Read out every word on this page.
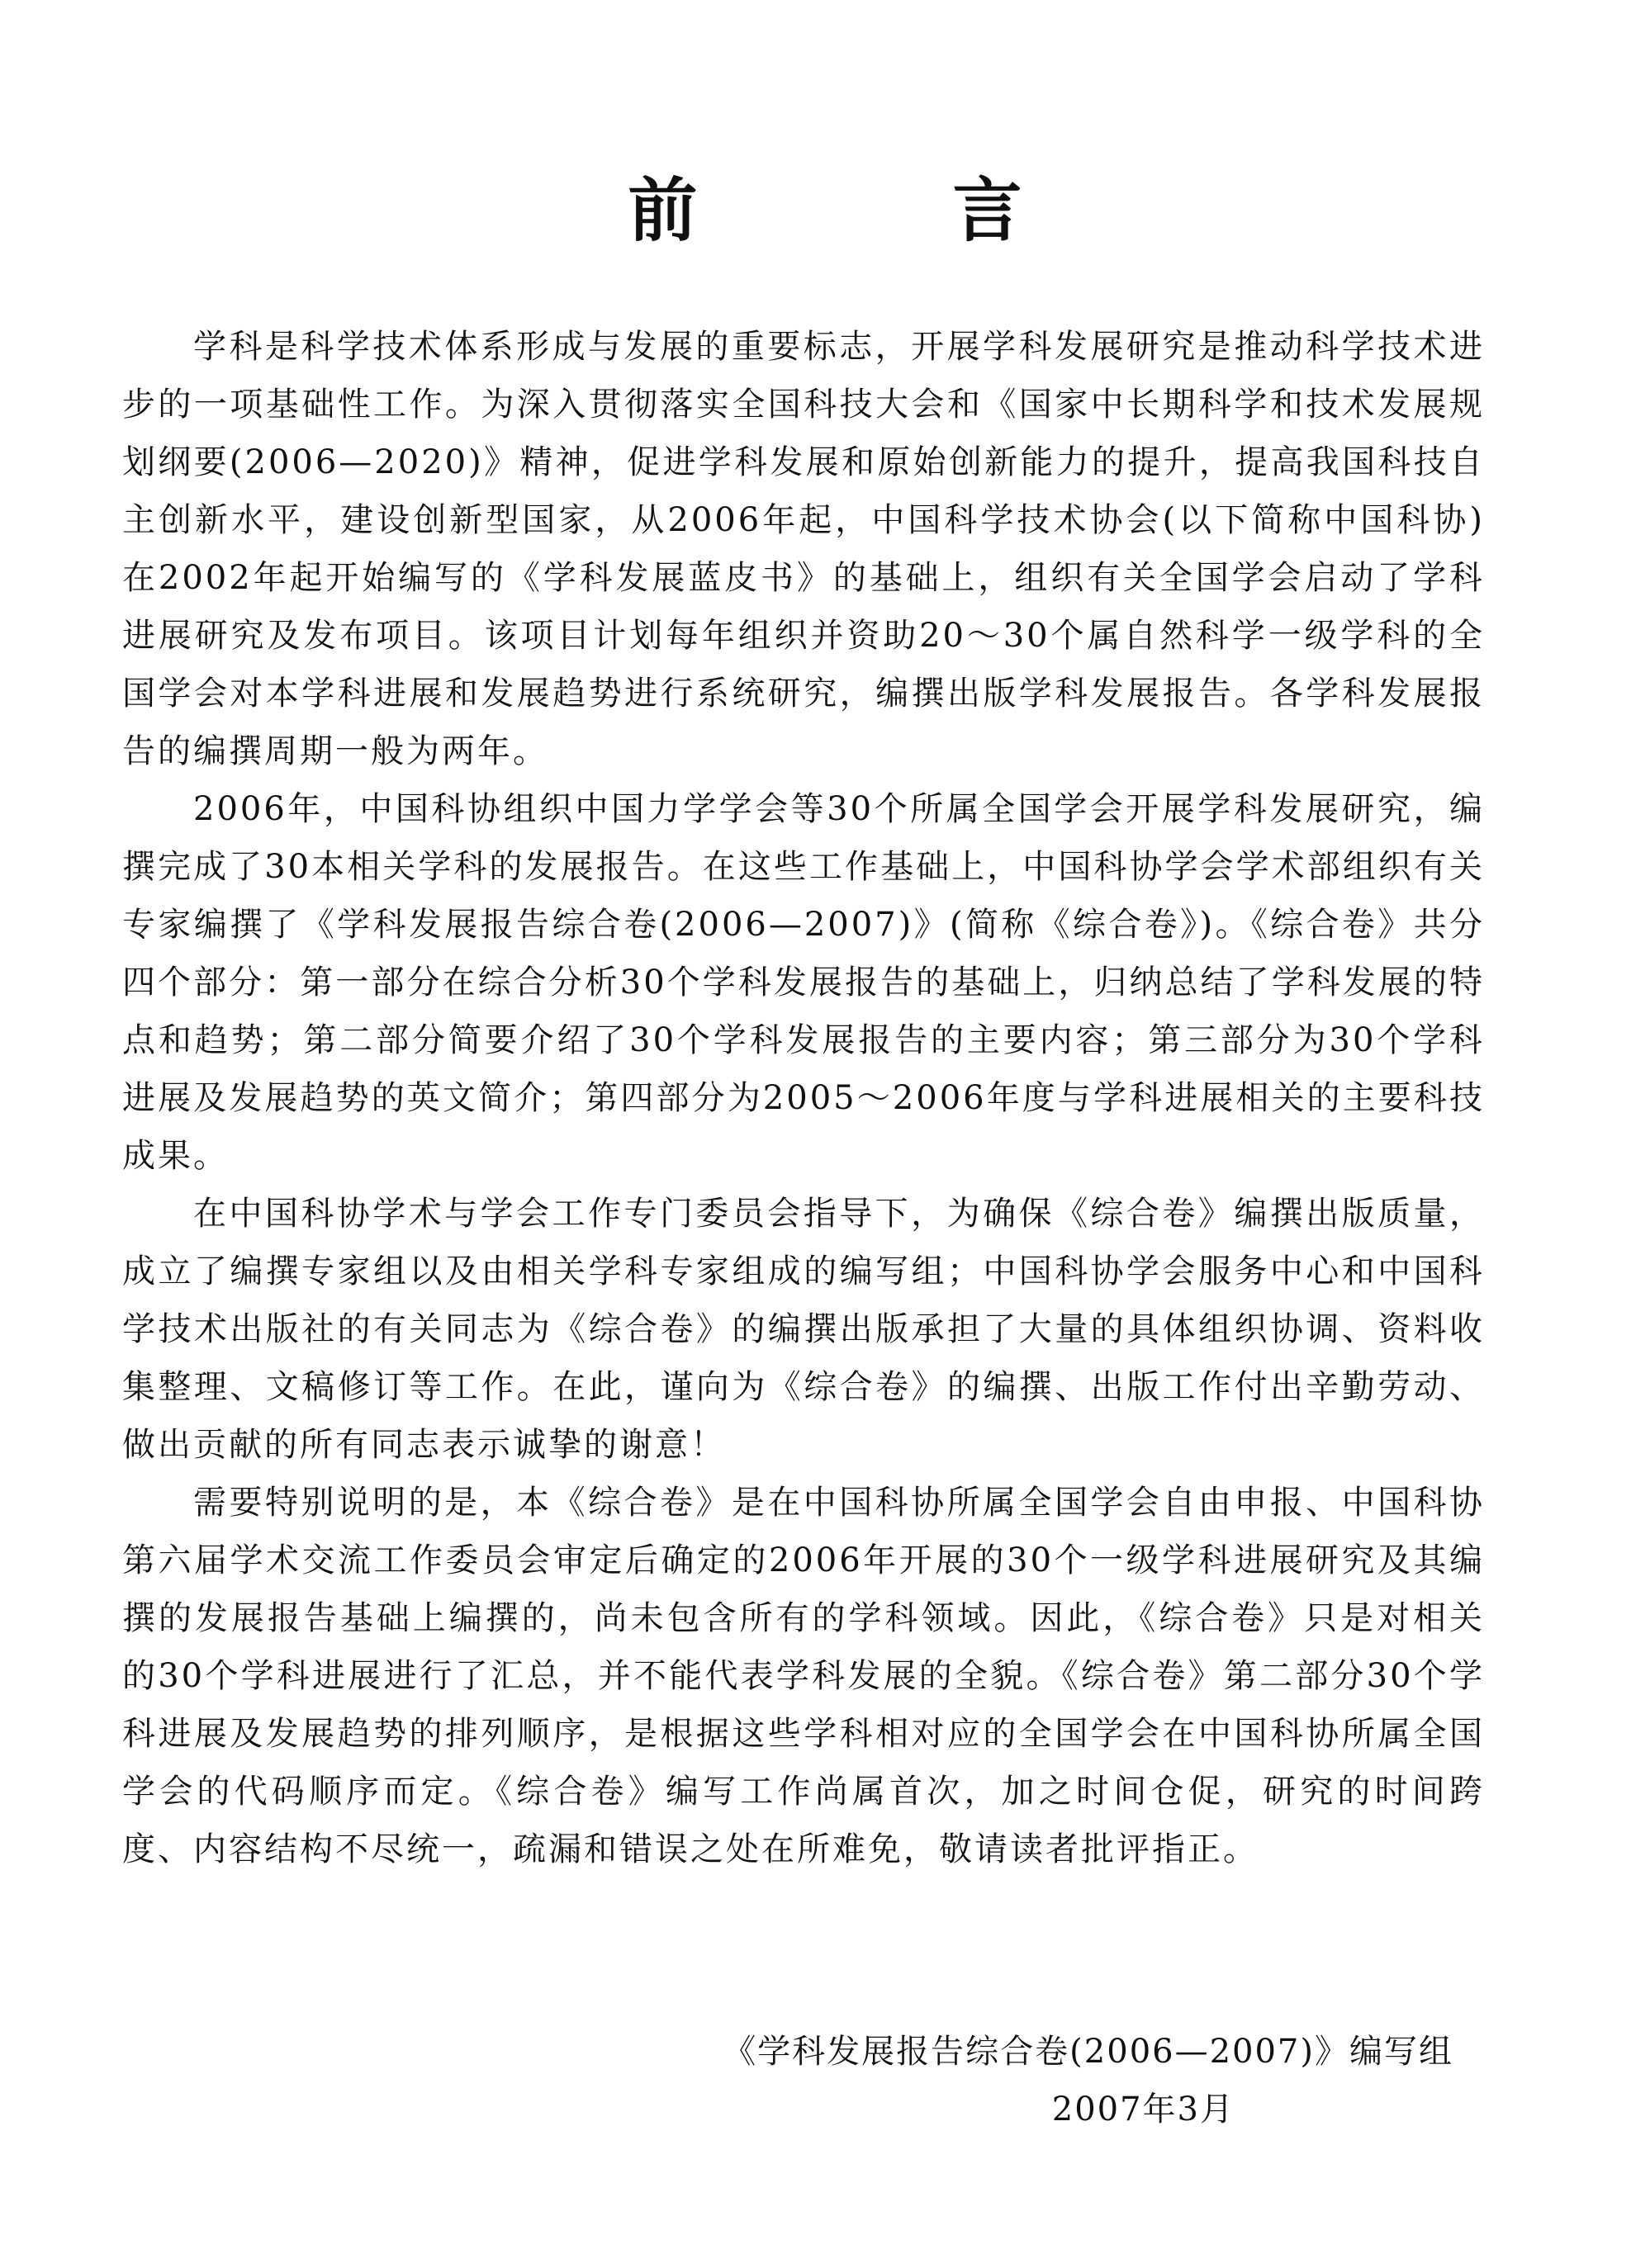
前 言

学科是科学技术体系形成与发展的重要标志，开展学科发展研究是推动科学技术进步的一项基础性工作。为深入贯彻落实全国科技大会和《国家中长期科学和技术发展规划纲要(2006—2020)》精神，促进学科发展和原始创新能力的提升，提高我国科技自主创新水平，建设创新型国家，从2006年起，中国科学技术协会(以下简称中国科协)在2002年起开始编写的《学科发展蓝皮书》的基础上，组织有关全国学会启动了学科进展研究及发布项目。该项目计划每年组织并资助20～30个属自然科学一级学科的全国学会对本学科进展和发展趋势进行系统研究，编撰出版学科发展报告。各学科发展报告的编撰周期一般为两年。

2006年，中国科协组织中国力学学会等30个所属全国学会开展学科发展研究，编撰完成了30本相关学科的发展报告。在这些工作基础上，中国科协学会学术部组织有关专家编撰了《学科发展报告综合卷(2006—2007)》(简称《综合卷》)。《综合卷》共分四个部分：第一部分在综合分析30个学科发展报告的基础上，归纳总结了学科发展的特点和趋势；第二部分简要介绍了30个学科发展报告的主要内容；第三部分为30个学科进展及发展趋势的英文简介；第四部分为2005～2006年度与学科进展相关的主要科技成果。

在中国科协学术与学会工作专门委员会指导下，为确保《综合卷》编撰出版质量，成立了编撰专家组以及由相关学科专家组成的编写组；中国科协学会服务中心和中国科学技术出版社的有关同志为《综合卷》的编撰出版承担了大量的具体组织协调、资料收集整理、文稿修订等工作。在此，谨向为《综合卷》的编撰、出版工作付出辛勤劳动、做出贡献的所有同志表示诚挚的谢意！

需要特别说明的是，本《综合卷》是在中国科协所属全国学会自由申报、中国科协第六届学术交流工作委员会审定后确定的2006年开展的30个一级学科进展研究及其编撰的发展报告基础上编撰的，尚未包含所有的学科领域。因此，《综合卷》只是对相关的30个学科进展进行了汇总，并不能代表学科发展的全貌。《综合卷》第二部分30个学科进展及发展趋势的排列顺序，是根据这些学科相对应的全国学会在中国科协所属全国学会的代码顺序而定。《综合卷》编写工作尚属首次，加之时间仓促，研究的时间跨度、内容结构不尽统一，疏漏和错误之处在所难免，敬请读者批评指正。

《学科发展报告综合卷(2006—2007)》编写组

2007年3月
